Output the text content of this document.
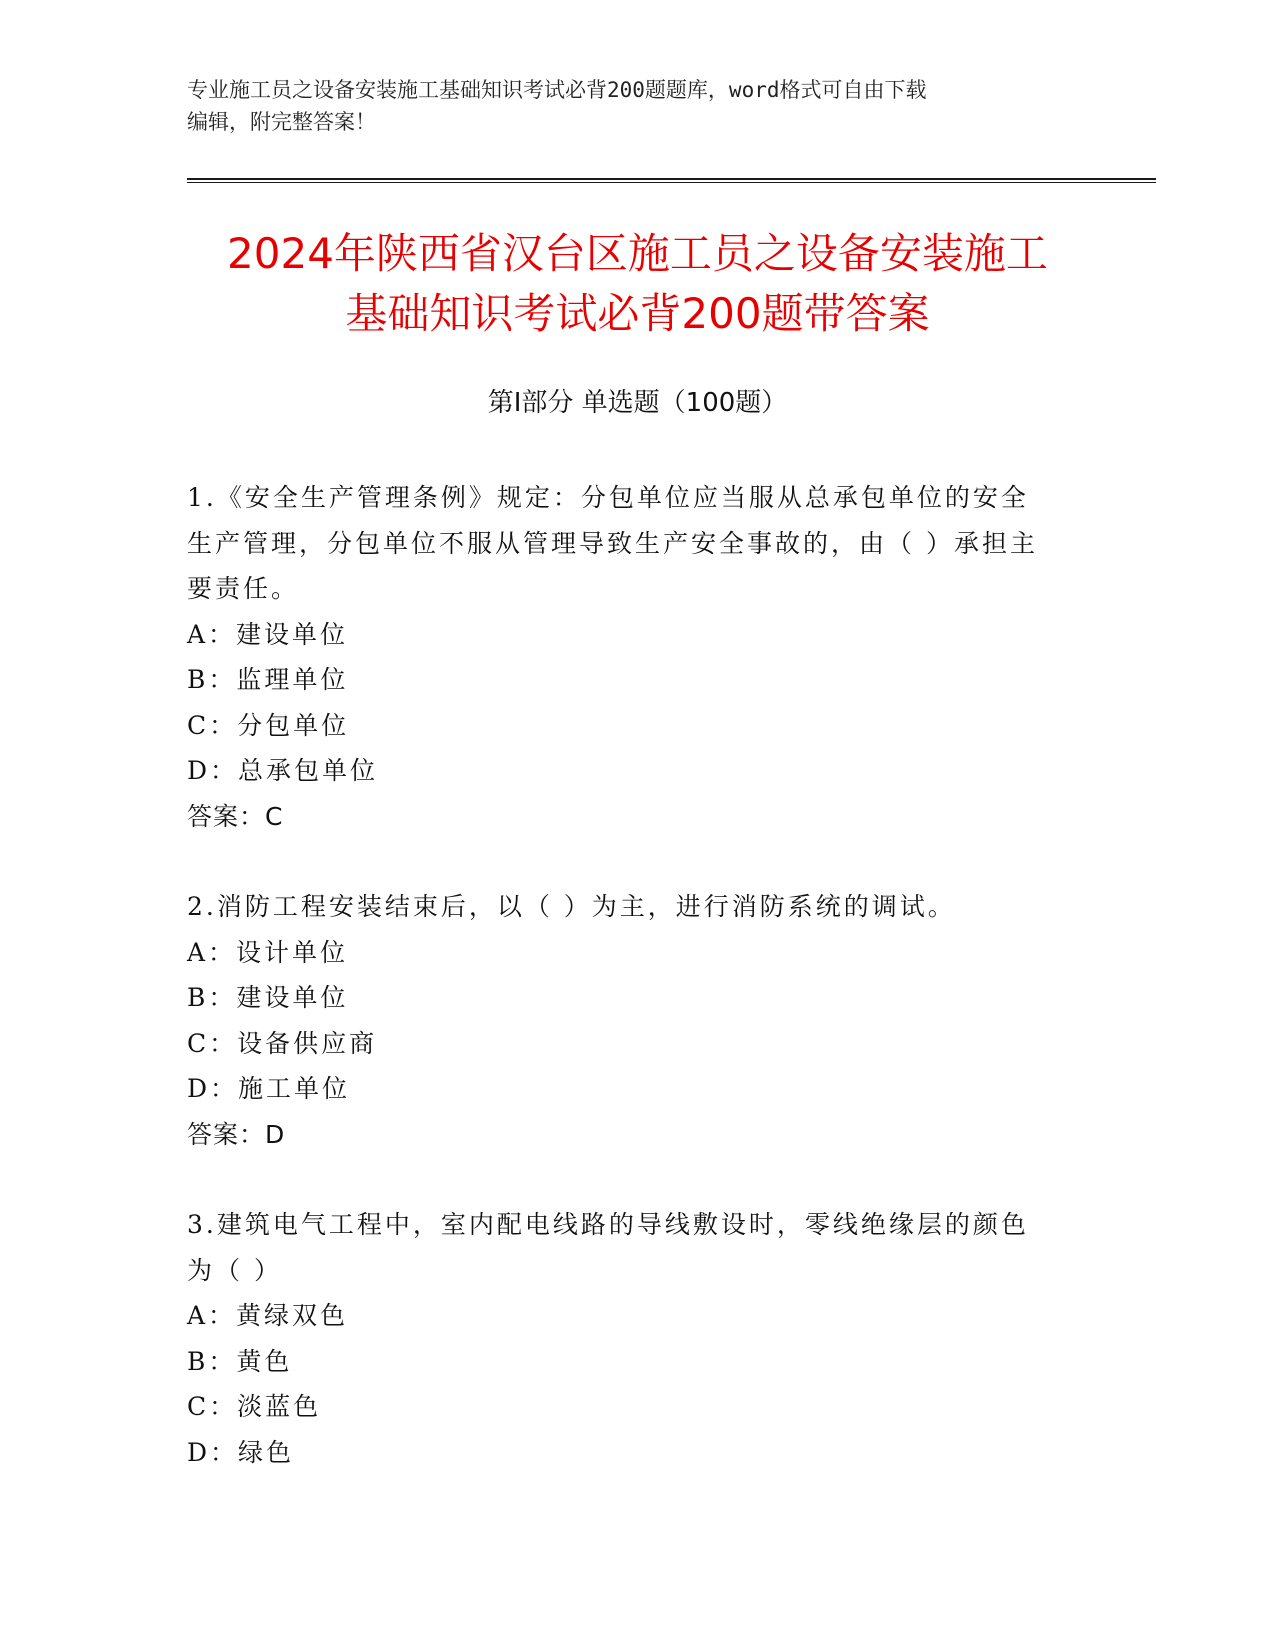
专业施工员之设备安装施工基础知识考试必背200题题库，word格式可自由下载
编辑，附完整答案！
2024年陕西省汉台区施工员之设备安装施工
基础知识考试必背200题带答案
第Ⅰ部分 单选题（100题）
1.《安全生产管理条例》规定：分包单位应当服从总承包单位的安全
生产管理，分包单位不服从管理导致生产安全事故的，由（ ）承担主
要责任。
A：建设单位
B：监理单位
C：分包单位
D：总承包单位
答案：C
2.消防工程安装结束后，以（ ）为主，进行消防系统的调试。
A：设计单位
B：建设单位
C：设备供应商
D：施工单位
答案：D
3.建筑电气工程中，室内配电线路的导线敷设时，零线绝缘层的颜色
为（ ）
A：黄绿双色
B：黄色
C：淡蓝色
D：绿色
